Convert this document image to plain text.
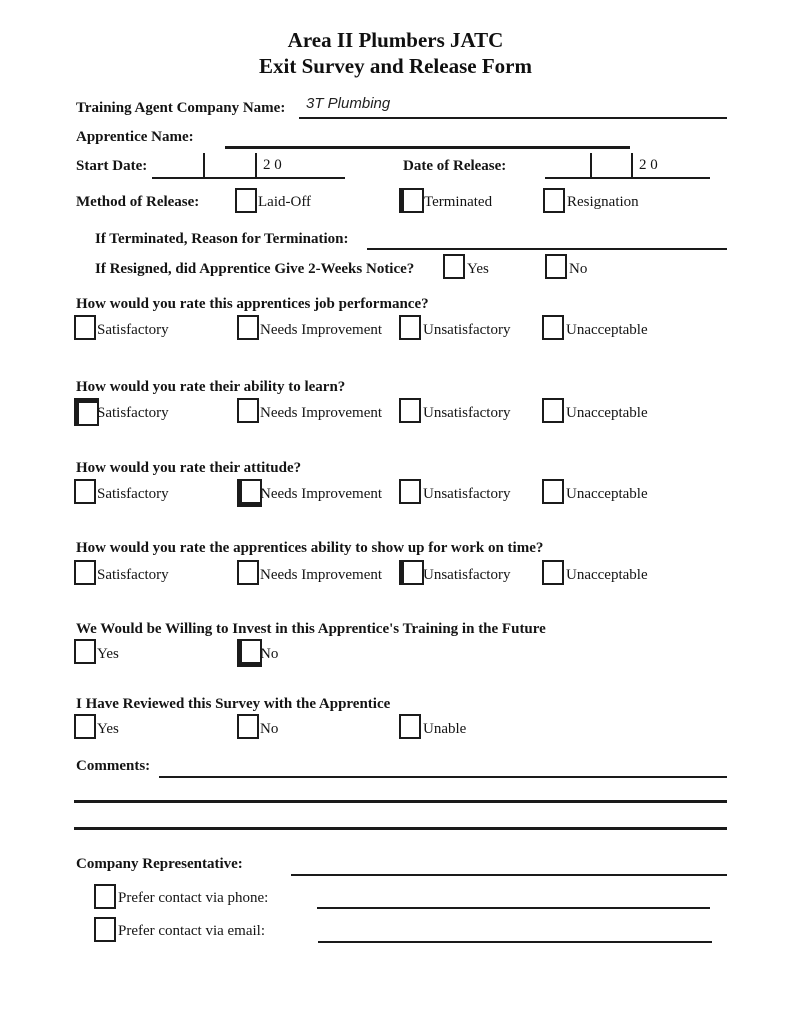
Area II Plumbers JATC
Exit Survey and Release Form
Training Agent Company Name: 3T Plumbing
Apprentice Name:
Start Date:	2 0	Date of Release:	2 0
Method of Release:	Laid-Off	Terminated	Resignation
If Terminated, Reason for Termination:
If Resigned, did Apprentice Give 2-Weeks Notice?	Yes	No
How would you rate this apprentices job performance?
Satisfactory	Needs Improvement	Unsatisfactory	Unacceptable
How would you rate their ability to learn?
Satisfactory	Needs Improvement	Unsatisfactory	Unacceptable
How would you rate their attitude?
Satisfactory	Needs Improvement	Unsatisfactory	Unacceptable
How would you rate the apprentices ability to show up for work on time?
Satisfactory	Needs Improvement	Unsatisfactory	Unacceptable
We Would be Willing to Invest in this Apprentice's Training in the Future
Yes	No
I Have Reviewed this Survey with the Apprentice
Yes	No	Unable
Comments:
Company Representative:
Prefer contact via phone:
Prefer contact via email:
